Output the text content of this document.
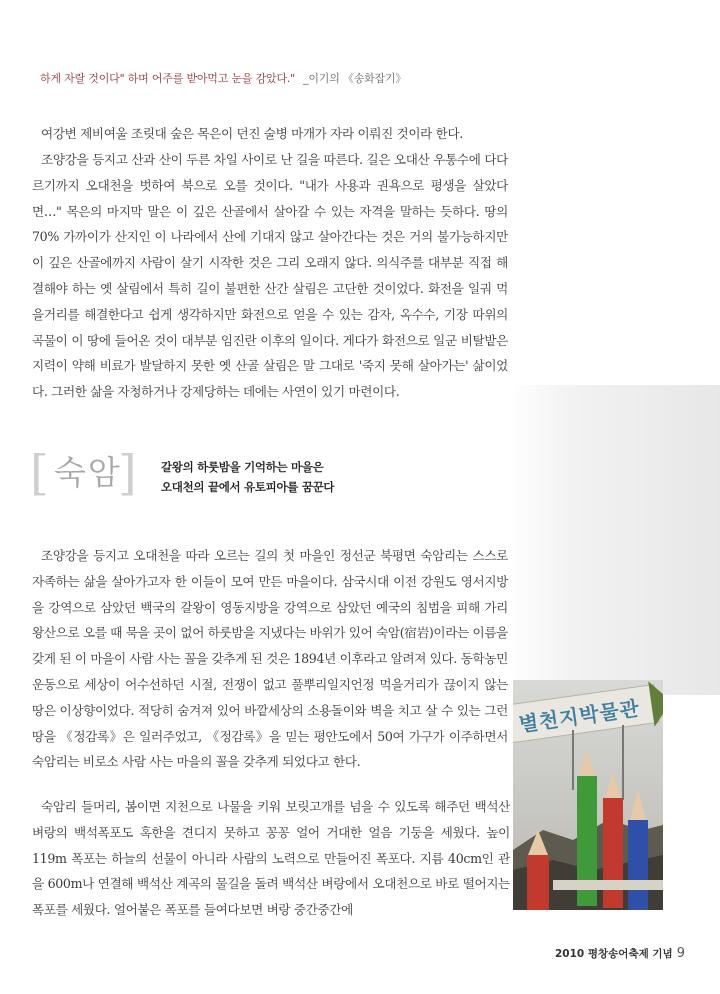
하게 자랄 것이다" 하며 어주를 받아먹고 눈을 감았다." _이기의 《송화잡기》

여강변 제비여울 조릿대 숲은 목은이 던진 술병 마개가 자라 이뤄진 것이라 한다.

조양강을 등지고 산과 산이 두른 차일 사이로 난 길을 따른다. 길은 오대산 우통수에 다다르기까지 오대천을 벗하여 북으로 오를 것이다. "내가 사용과 권욕으로 평생을 살았다면…" 목은의 마지막 말은 이 깊은 산골에서 살아갈 수 있는 자격을 말하는 듯하다. 땅의 70% 가까이가 산지인 이 나라에서 산에 기대지 않고 살아간다는 것은 거의 불가능하지만 이 깊은 산골에까지 사람이 살기 시작한 것은 그리 오래지 않다. 의식주를 대부분 직접 해결해야 하는 옛 살림에서 특히 길이 불편한 산간 살림은 고단한 것이었다. 화전을 일궈 먹을거리를 해결한다고 쉽게 생각하지만 화전으로 얻을 수 있는 감자, 옥수수, 기장 따위의 곡물이 이 땅에 들어온 것이 대부분 임진란 이후의 일이다. 게다가 화전으로 일군 비탈밭은 지력이 약해 비료가 발달하지 못한 옛 산골 살림은 말 그대로 '죽지 못해 살아가는' 삶이었다. 그러한 삶을 자청하거나 강제당하는 데에는 사연이 있기 마련이다.

[ 숙암
] 갈왕의 하룻밤을 기억하는 마을은
오대천의 끝에서 유토피아를 꿈꾼다

조양강을 등지고 오대천을 따라 오르는 길의 첫 마을인 정선군 북평면 숙암리는 스스로 자족하는 삶을 살아가고자 한 이들이 모여 만든 마을이다. 삼국시대 이전 강원도 영서지방을 강역으로 삼았던 백국의 갈왕이 영동지방을 강역으로 삼았던 예국의 침범을 피해 가리왕산으로 오를 때 묵을 곳이 없어 하룻밤을 지냈다는 바위가 있어 숙암(宿岩)이라는 이름을 갖게 된 이 마을이 사람 사는 꼴을 갖추게 된 것은 1894년 이후라고 알려져 있다. 동학농민운동으로 세상이 어수선하던 시절, 전쟁이 없고 풀뿌리일지언정 먹을거리가 끊이지 않는 땅은 이상향이었다. 적당히 숨겨져 있어 바깥세상의 소용돌이와 벽을 치고 살 수 있는 그런 땅을 《정감록》은 일러주었고, 《정감록》을 믿는 평안도에서 50여 가구가 이주하면서 숙암리는 비로소 사람 사는 마을의 꼴을 갖추게 되었다고 한다.

숙암리 들머리, 봄이면 지천으로 나물을 키워 보릿고개를 넘을 수 있도록 해주던 백석산 벼랑의 백석폭포도 혹한을 견디지 못하고 꽁꽁 얼어 거대한 얼음 기둥을 세웠다. 높이 119m 폭포는 하늘의 선물이 아니라 사람의 노력으로 만들어진 폭포다. 지름 40cm인 관을 600m나 연결해 백석산 계곡의 물길을 돌려 백석산 벼랑에서 오대천으로 바로 떨어지는 폭포를 세웠다. 얼어붙은 폭포를 들여다보면 벼랑 중간중간에

별천지박물관
2010 평창송어축제 기념 9
